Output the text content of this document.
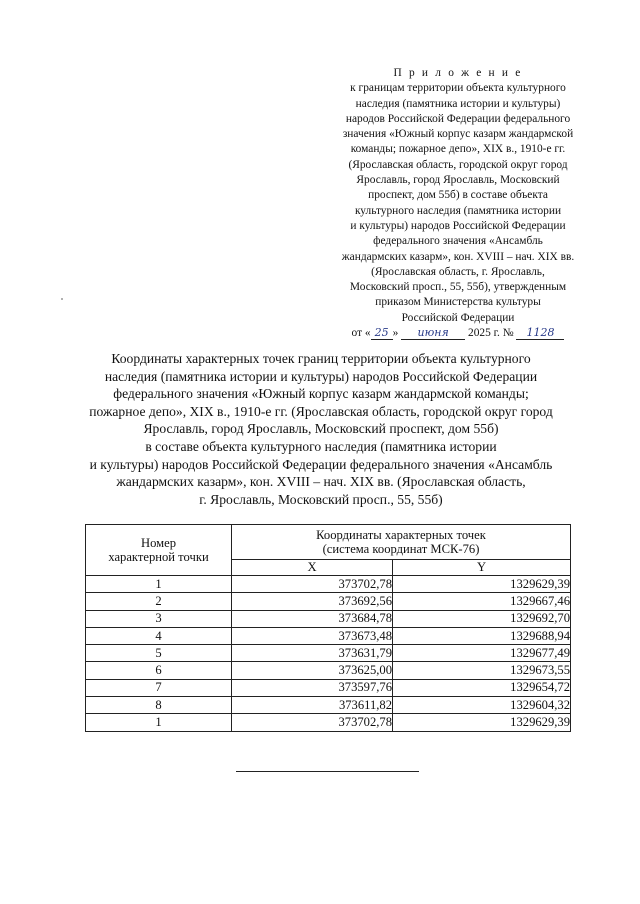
П р и л о ж е н и е
к границам территории объекта культурного
наследия (памятника истории и культуры)
народов Российской Федерации федерального
значения «Южный корпус казарм жандармской
команды; пожарное депо», XIX в., 1910-е гг.
(Ярославская область, городской округ город
Ярославль, город Ярославль, Московский
проспект, дом 55б) в составе объекта
культурного наследия (памятника истории
и культуры) народов Российской Федерации
федерального значения «Ансамбль
жандармских казарм», кон. XVIII – нач. XIX вв.
(Ярославская область, г. Ярославль,
Московский просп., 55, 55б), утвержденным
приказом Министерства культуры
Российской Федерации
от « 25 » июня 2025 г. № 1128
Координаты характерных точек границ территории объекта культурного
наследия (памятника истории и культуры) народов Российской Федерации
федерального значения «Южный корпус казарм жандармской команды;
пожарное депо», XIX в., 1910-е гг. (Ярославская область, городской округ город
Ярославль, город Ярославль, Московский проспект, дом 55б)
в составе объекта культурного наследия (памятника истории
и культуры) народов Российской Федерации федерального значения «Ансамбль
жандармских казарм», кон. XVIII – нач. XIX вв. (Ярославская область,
г. Ярославль, Московский просп., 55, 55б)
Номер
характерной точки	Координаты характерных точек
(система координат МСК-76)	
	X	Y
1	373702,78	1329629,39
2	373692,56	1329667,46
3	373684,78	1329692,70
4	373673,48	1329688,94
5	373631,79	1329677,49
6	373625,00	1329673,55
7	373597,76	1329654,72
8	373611,82	1329604,32
1	373702,78	1329629,39
